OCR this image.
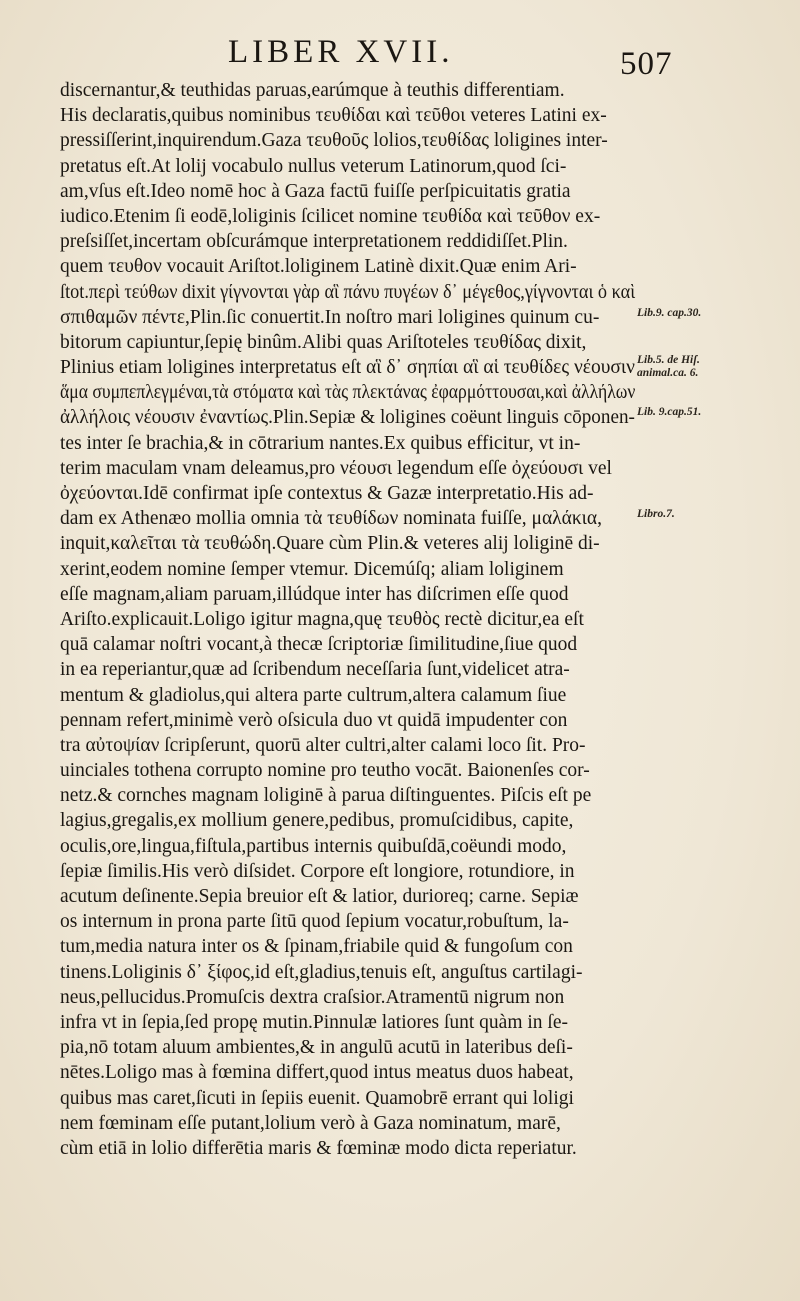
LIBER XVII.	507
discernantur,& teuthidas paruas,earúmque à teuthis differentiam.
His declaratis,quibus nominibus τευθίδαι καὶ τεῦθοι veteres Latini ex-
pressiſſerint,inquirendum.Gaza τευθοῦς lolios,τευθίδας loligines inter-
pretatus eſt.At lolij vocabulo nullus veterum Latinorum,quod ſci-
am,vſus eſt.Ideo nomē hoc à Gaza factū fuiſſe perſpicuitatis gratia
iudico.Etenim ſi eodē,loliginis ſcilicet nomine τευθίδα καὶ τεῦθον ex-
preſsiſſet,incertam obſcurámque interpretationem reddidiſſet.Plin.
quem τευθον vocauit Ariſtot.loliginem Latinè dixit.Quæ enim Ari-
ſtot.περὶ τεύθων dixit γίγνονται γὰρ αἳ πάνυ πυγέων δ᾽ μέγεθος,γίγνονται ὁ καὶ
σπιθαμῶν πέντε,Plin.ſic conuertit.In noſtro mari loligines quinum cu-
bitorum capiuntur,ſepię binûm.Alibi quas Ariſtoteles τευθίδας dixit,
Plinius etiam loligines interpretatus eſt αἳ δ᾽ σηπίαι αἳ αἱ τευθίδες νέουσιν
ἅμα συμπεπλεγμέναι,τὰ στόματα καὶ τὰς πλεκτάνας ἐφαρμόττουσαι,καὶ ἀλλήλων
ἀλλήλοις νέουσιν ἐναντίως.Plin.Sepiæ & loligines coëunt linguis cōponen-
tes inter ſe brachia,& in cōtrarium nantes.Ex quibus efficitur, vt in-
terim maculam vnam deleamus,pro νέουσι legendum eſſe ὀχεύουσι vel
ὀχεύονται.Idē confirmat ipſe contextus & Gazæ interpretatio.His ad-
dam ex Athenæo mollia omnia τὰ τευθίδων nominata fuiſſe, μαλάκια,
inquit,καλεῖται τὰ τευθώδη.Quare cùm Plin.& veteres alij loliginē di-
xerint,eodem nomine ſemper vtemur. Dicemúſq; aliam loliginem
eſſe magnam,aliam paruam,illúdque inter has diſcrimen eſſe quod
Ariſto.explicauit.Loligo igitur magna,quę τευθὸς rectè dicitur,ea eſt
quā calamar noſtri vocant,à thecæ ſcriptoriæ ſimilitudine,ſiue quod
in ea reperiantur,quæ ad ſcribendum neceſſaria ſunt,videlicet atra-
mentum & gladiolus,qui altera parte cultrum,altera calamum ſiue
pennam refert,minimè verò oſsicula duo vt quidā impudenter con
tra αὐτοψίαν ſcripſerunt, quorū alter cultri,alter calami loco ſit. Pro-
uinciales tothena corrupto nomine pro teutho vocāt. Baionenſes cor-
netz.& cornches magnam loliginē à parua diſtinguentes. Piſcis eſt pe
lagius,gregalis,ex mollium genere,pedibus, promuſcidibus, capite,
oculis,ore,lingua,fiſtula,partibus internis quibuſdā,coëundi modo,
ſepiæ ſimilis.His verò diſsidet. Corpore eſt longiore, rotundiore, in
acutum deſinente.Sepia breuior eſt & latior, durioreq; carne. Sepiæ
os internum in prona parte ſitū quod ſepium vocatur,robuſtum, la-
tum,media natura inter os & ſpinam,friabile quid & fungoſum con
tinens.Loliginis δ᾽ ξίφος,id eſt,gladius,tenuis eſt, anguſtus cartilagi-
neus,pellucidus.Promuſcis dextra craſsior.Atramentū nigrum non
infra vt in ſepia,ſed propę mutin.Pinnulæ latiores ſunt quàm in ſe-
pia,nō totam aluum ambientes,& in angulū acutū in lateribus deſi-
nētes.Loligo mas à fœmina differt,quod intus meatus duos habeat,
quibus mas caret,ſicuti in ſepiis euenit. Quamobrē errant qui loligi
nem fœminam eſſe putant,lolium verò à Gaza nominatum, marē,
cùm etiā in lolio differētia maris & fœminæ modo dicta reperiatur.
Lib.9. cap.30.
Lib.5. de Hiſ.
animal.ca. 6.
Lib. 9.cap.51.
Libro.7.
